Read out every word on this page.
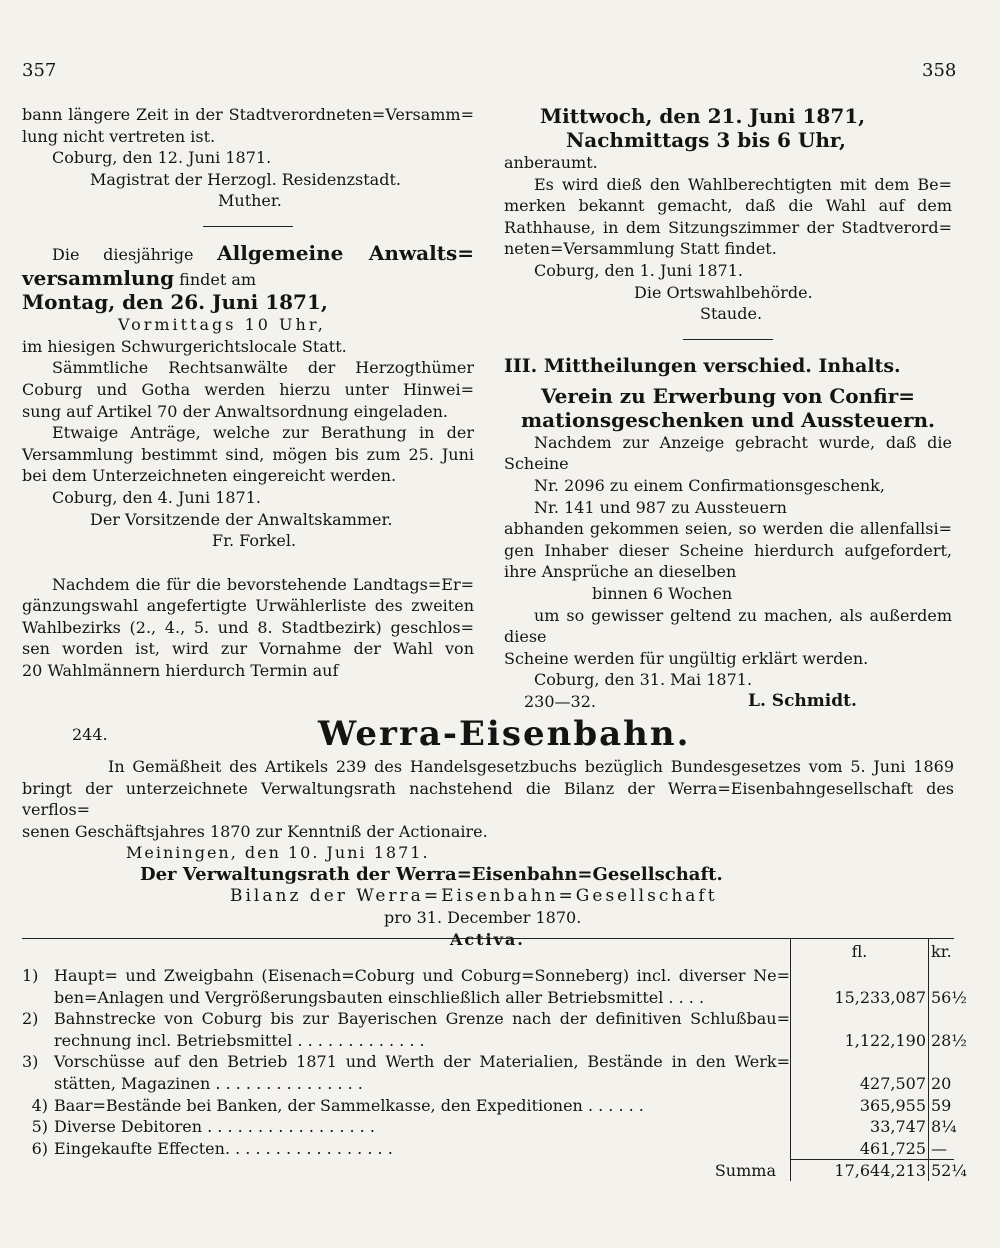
357	358

bann längere Zeit in der Stadtverordneten=Versamm=

lung nicht vertreten ist.

Coburg, den 12. Juni 1871.

Magistrat der Herzogl. Residenzstadt.

Muther.

Die diesjährige Allgemeine Anwalts=

versammlung findet am

Montag, den 26. Juni 1871,

Vormittags 10 Uhr,

im hiesigen Schwurgerichtslocale Statt.

Sämmtliche Rechtsanwälte der Herzogthümer

Coburg und Gotha werden hierzu unter Hinwei=

sung auf Artikel 70 der Anwaltsordnung eingeladen.

Etwaige Anträge, welche zur Berathung in der

Versammlung bestimmt sind, mögen bis zum 25. Juni

bei dem Unterzeichneten eingereicht werden.

Coburg, den 4. Juni 1871.

Der Vorsitzende der Anwaltskammer.

Fr. Forkel.

Nachdem die für die bevorstehende Landtags=Er=

gänzungswahl angefertigte Urwählerliste des zweiten

Wahlbezirks (2., 4., 5. und 8. Stadtbezirk) geschlos=

sen worden ist, wird zur Vornahme der Wahl von

20 Wahlmännern hierdurch Termin auf

Mittwoch, den 21. Juni 1871,

Nachmittags 3 bis 6 Uhr,

anberaumt.

Es wird dieß den Wahlberechtigten mit dem Be=

merken bekannt gemacht, daß die Wahl auf dem

Rathhause, in dem Sitzungszimmer der Stadtverord=

neten=Versammlung Statt findet.

Coburg, den 1. Juni 1871.

Die Ortswahlbehörde.

Staude.

III. Mittheilungen verschied. Inhalts.

Verein zu Erwerbung von Confir=

mationsgeschenken und Aussteuern.

Nachdem zur Anzeige gebracht wurde, daß die

Scheine

Nr. 2096 zu einem Confirmationsgeschenk,

Nr. 141 und 987 zu Aussteuern

abhanden gekommen seien, so werden die allenfallsi=

gen Inhaber dieser Scheine hierdurch aufgefordert,

ihre Ansprüche an dieselben

binnen 6 Wochen

um so gewisser geltend zu machen, als außerdem diese

Scheine werden für ungültig erklärt werden.

Coburg, den 31. Mai 1871.

230—32.	L. Schmidt.

244.	Werra-Eisenbahn.

In Gemäßheit des Artikels 239 des Handelsgesetzbuchs bezüglich Bundesgesetzes vom 5. Juni 1869

bringt der unterzeichnete Verwaltungsrath nachstehend die Bilanz der Werra=Eisenbahngesellschaft des verflos=

senen Geschäftsjahres 1870 zur Kenntniß der Actionaire.

Meiningen, den 10. Juni 1871.

Der Verwaltungsrath der Werra=Eisenbahn=Gesellschaft.

Bilanz der Werra=Eisenbahn=Gesellschaft

pro 31. December 1870.

Activa.

fl.	kr.
1) Haupt= und Zweigbahn (Eisenach=Coburg und Coburg=Sonneberg) incl. diverser Ne=
ben=Anlagen und Vergrößerungsbauten einschließlich aller Betriebsmittel . . . .	15,233,087 56½
2) Bahnstrecke von Coburg bis zur Bayerischen Grenze nach der definitiven Schlußbau=
rechnung incl. Betriebsmittel . . . . . . . . . . . . .	1,122,190 28½
3) Vorschüsse auf den Betrieb 1871 und Werth der Materialien, Bestände in den Werk=
stätten, Magazinen . . . . . . . . . . . . . . .	427,507 20
4) Baar=Bestände bei Banken, der Sammelkasse, den Expeditionen . . . . . .	365,955 59
5) Diverse Debitoren . . . . . . . . . . . . . . . . .	33,747 8¼
6) Eingekaufte Effecten. . . . . . . . . . . . . . . . .	461,725 —
Summa	17,644,213 52¼
